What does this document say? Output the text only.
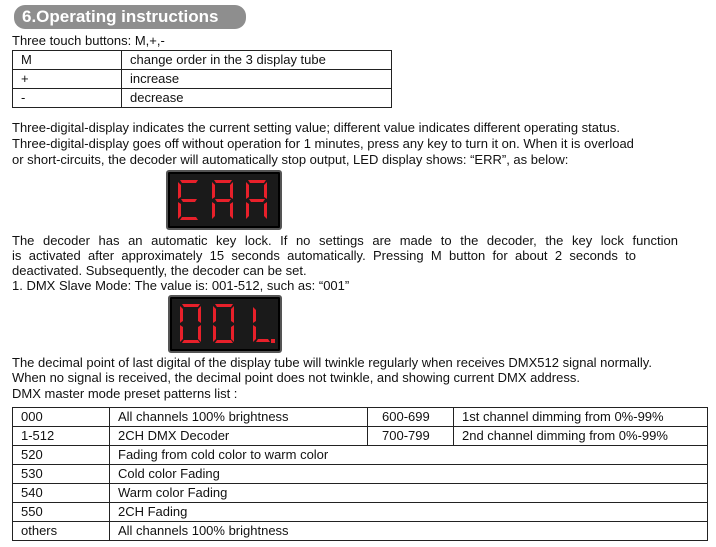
6.Operating instructions
Three touch buttons: M,+,-
M	change order in the 3 display tube
+	increase
-	decrease
Three-digital-display indicates the current setting value; different value indicates different operating status.
Three-digital-display goes off without operation for 1 minutes, press any key to turn it on. When it is overload
or short-circuits, the decoder will automatically stop output, LED display shows: “ERR”, as below:
The decoder has an automatic key lock. If no settings are made to the decoder, the key lock function
is activated after approximately 15 seconds automatically. Pressing M button for about 2 seconds to
deactivated. Subsequently, the decoder can be set.
1. DMX Slave Mode: The value is: 001-512, such as: “001”
The decimal point of last digital of the display tube will twinkle regularly when receives DMX512 signal normally.
When no signal is received, the decimal point does not twinkle, and showing current DMX address.
DMX master mode preset patterns list :
000	All channels 100% brightness	600-699	1st channel dimming from 0%-99%
1-512	2CH DMX Decoder	700-799	2nd channel dimming from 0%-99%
520	Fading from cold color to warm color		
530	Cold color Fading		
540	Warm color Fading		
550	2CH Fading		
others	All channels 100% brightness		
